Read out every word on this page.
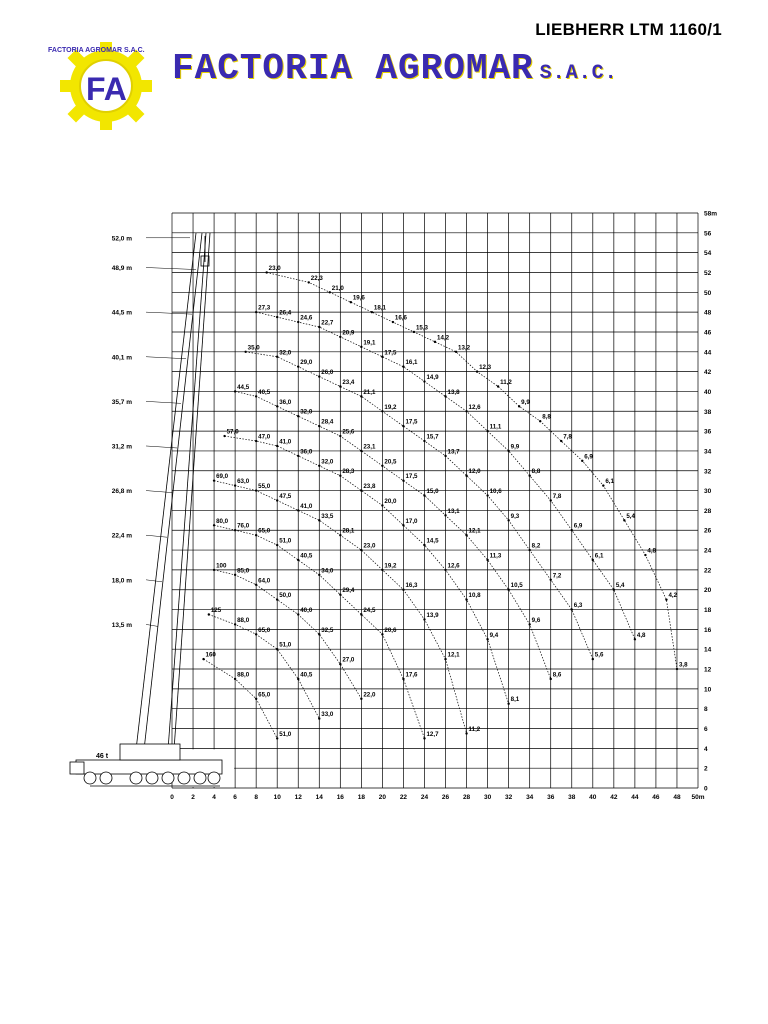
LIEBHERR LTM 1160/1
FACTORIA AGROMAR S.A.C.
FA FACTORIA AGROMAR S.A.C.
46 t
0	2	4	6	8 10 12 14 16 18 20 22 24 26 28 30 32 34 36 38 40 42 44 46 48 50m
0
2
4
6
8
10
12
14
16
18
20
22
24
26
28
30
32
34
36
38
40
42
44
46
48
50
52
54
56
58m
52,0 m
48,9 m
44,5 m
40,1 m
35,7 m
31,2 m
26,8 m
22,4 m
18,0 m
13,5 m
23,0
22,3
21,0
19,6
18,1
16,6
15,3
14,2
13,2
12,3
11,2
9,9
8,8
7,8
6,9
6,1
5,4
4,8
4,2
3,8
27,3
26,4
24,6
22,7
20,9
19,1
17,5
16,1
14,9
13,8
12,6
11,1
9,9
8,8
7,8
6,9
6,1
5,4
4,8
35,0
32,0
29,0
26,0
23,4
21,1
19,2
17,5
15,7
13,7
12,0
10,6
9,3
8,2
7,2
6,3
5,6
44,5
40,5
36,0
32,0
28,4
25,6
23,1
20,5
17,5
15,0
13,1
12,1
11,3
10,5
9,6
8,6
57,0
47,0
41,0
36,0
32,0
28,3
23,8
20,0
17,0
14,5
12,6
10,8
9,4
8,1
69,0
63,0
55,0
47,5
41,0
33,5
28,1
23,0
19,2
16,3
13,9
12,1
11,2
80,0
76,0
65,0
51,0
40,5
34,0
29,4
24,5
20,6
17,6
12,7
100
85,0
64,0
50,0
40,0
32,5
27,0
22,0
125
88,0
65,0
51,0
40,5
33,0
160
88,0
65,0
51,0
